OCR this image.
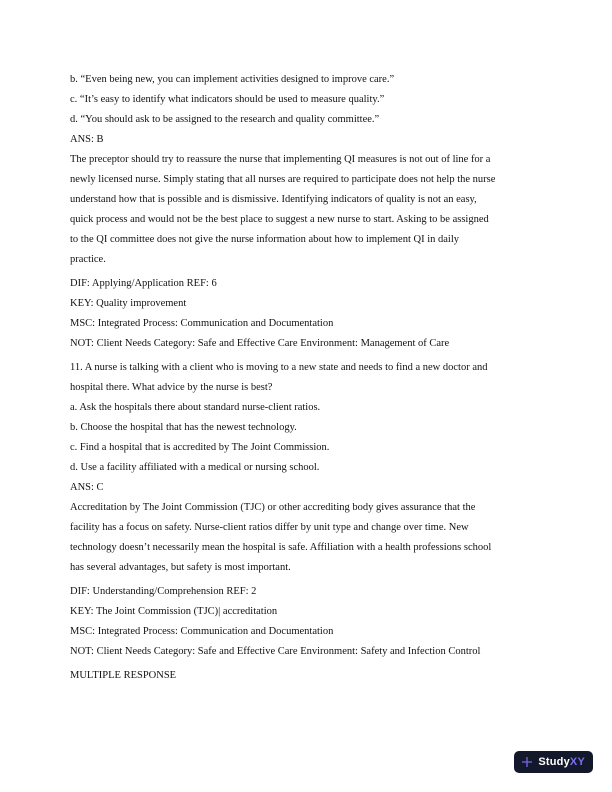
b. “Even being new, you can implement activities designed to improve care.”
c. “It’s easy to identify what indicators should be used to measure quality.”
d. “You should ask to be assigned to the research and quality committee.”
ANS: B
The preceptor should try to reassure the nurse that implementing QI measures is not out of line for a
newly licensed nurse. Simply stating that all nurses are required to participate does not help the nurse
understand how that is possible and is dismissive. Identifying indicators of quality is not an easy,
quick process and would not be the best place to suggest a new nurse to start. Asking to be assigned
to the QI committee does not give the nurse information about how to implement QI in daily
practice.
DIF: Applying/Application REF: 6
KEY: Quality improvement
MSC: Integrated Process: Communication and Documentation
NOT: Client Needs Category: Safe and Effective Care Environment: Management of Care
11. A nurse is talking with a client who is moving to a new state and needs to find a new doctor and
hospital there. What advice by the nurse is best?
a. Ask the hospitals there about standard nurse-client ratios.
b. Choose the hospital that has the newest technology.
c. Find a hospital that is accredited by The Joint Commission.
d. Use a facility affiliated with a medical or nursing school.
ANS: C
Accreditation by The Joint Commission (TJC) or other accrediting body gives assurance that the
facility has a focus on safety. Nurse-client ratios differ by unit type and change over time. New
technology doesn’t necessarily mean the hospital is safe. Affiliation with a health professions school
has several advantages, but safety is most important.
DIF: Understanding/Comprehension REF: 2
KEY: The Joint Commission (TJC)| accreditation
MSC: Integrated Process: Communication and Documentation
NOT: Client Needs Category: Safe and Effective Care Environment: Safety and Infection Control
MULTIPLE RESPONSE
StudyXY
